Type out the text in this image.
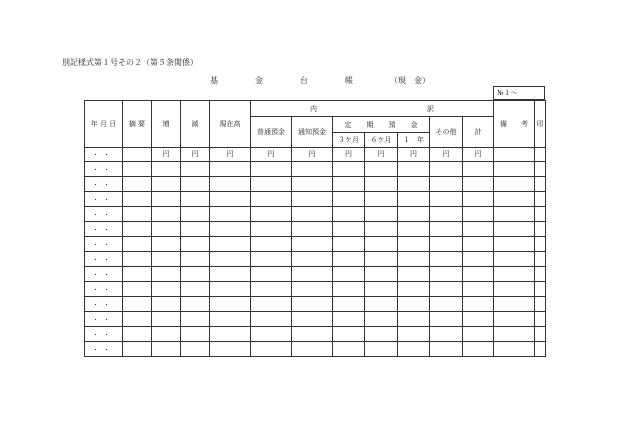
別記様式第１号その２（第５条関係）
基	金	台	帳	（現　金）
№１～
年 月 日	摘 要	増	減	現在高	内 訳							備　　考	印
					普通預金	通知預金	定 期 預 金			その他	計		
							３ケ月	６ケ月	１　年				
・・		円	円	円	円	円	円	円	円	円	円		
・・													
・・													
・・													
・・													
・・													
・・													
・・													
・・													
・・													
・・													
・・													
・・													
・・													
